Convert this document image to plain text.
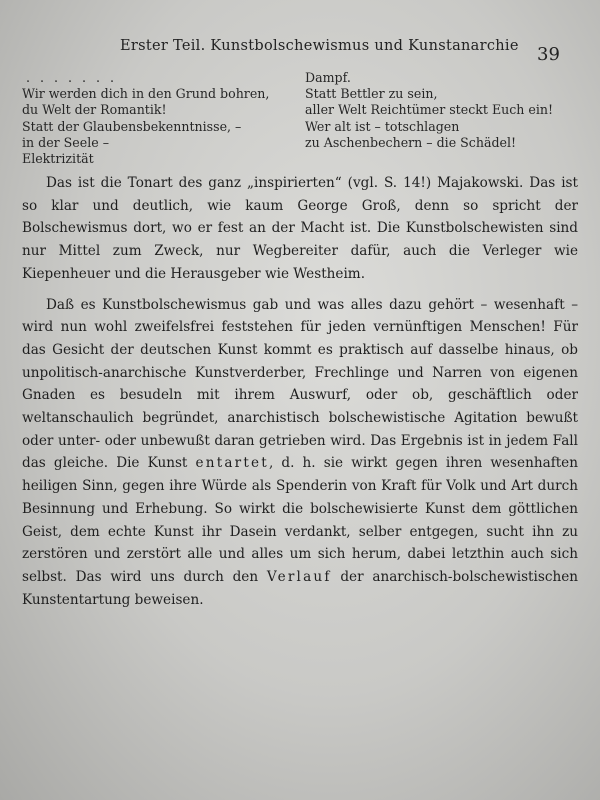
Erster Teil. Kunstbolschewismus und Kunstanarchie 39
. . . . . . .
Wir werden dich in den Grund bohren,
du Welt der Romantik!
Statt der Glaubensbekenntnisse, –
in der Seele –
Elektrizität
Dampf.
Statt Bettler zu sein,
aller Welt Reichtümer steckt Euch ein!
Wer alt ist – totschlagen
zu Aschenbechern – die Schädel!

Das ist die Tonart des ganz „inspirierten“ (vgl. S. 14!) Majakowski. Das ist so klar und deutlich, wie kaum George Groß, denn so spricht der Bolschewismus dort, wo er fest an der Macht ist. Die Kunstbolschewisten sind nur Mittel zum Zweck, nur Wegbereiter dafür, auch die Verleger wie Kiepenheuer und die Herausgeber wie Westheim.

Daß es Kunstbolschewismus gab und was alles dazu gehört – wesenhaft – wird nun wohl zweifelsfrei feststehen für jeden vernünftigen Menschen! Für das Gesicht der deutschen Kunst kommt es praktisch auf dasselbe hinaus, ob unpolitisch-anarchische Kunstverderber, Frechlinge und Narren von eigenen Gnaden es besudeln mit ihrem Auswurf, oder ob, geschäftlich oder weltanschaulich begründet, anarchistisch bolschewistische Agitation bewußt oder unter- oder unbewußt daran getrieben wird. Das Ergebnis ist in jedem Fall das gleiche. Die Kunst entartet, d. h. sie wirkt gegen ihren wesenhaften heiligen Sinn, gegen ihre Würde als Spenderin von Kraft für Volk und Art durch Besinnung und Erhebung. So wirkt die bolschewisierte Kunst dem göttlichen Geist, dem echte Kunst ihr Dasein verdankt, selber entgegen, sucht ihn zu zerstören und zerstört alle und alles um sich herum, dabei letzthin auch sich selbst. Das wird uns durch den Verlauf der anarchisch-bolschewistischen Kunstentartung beweisen.
